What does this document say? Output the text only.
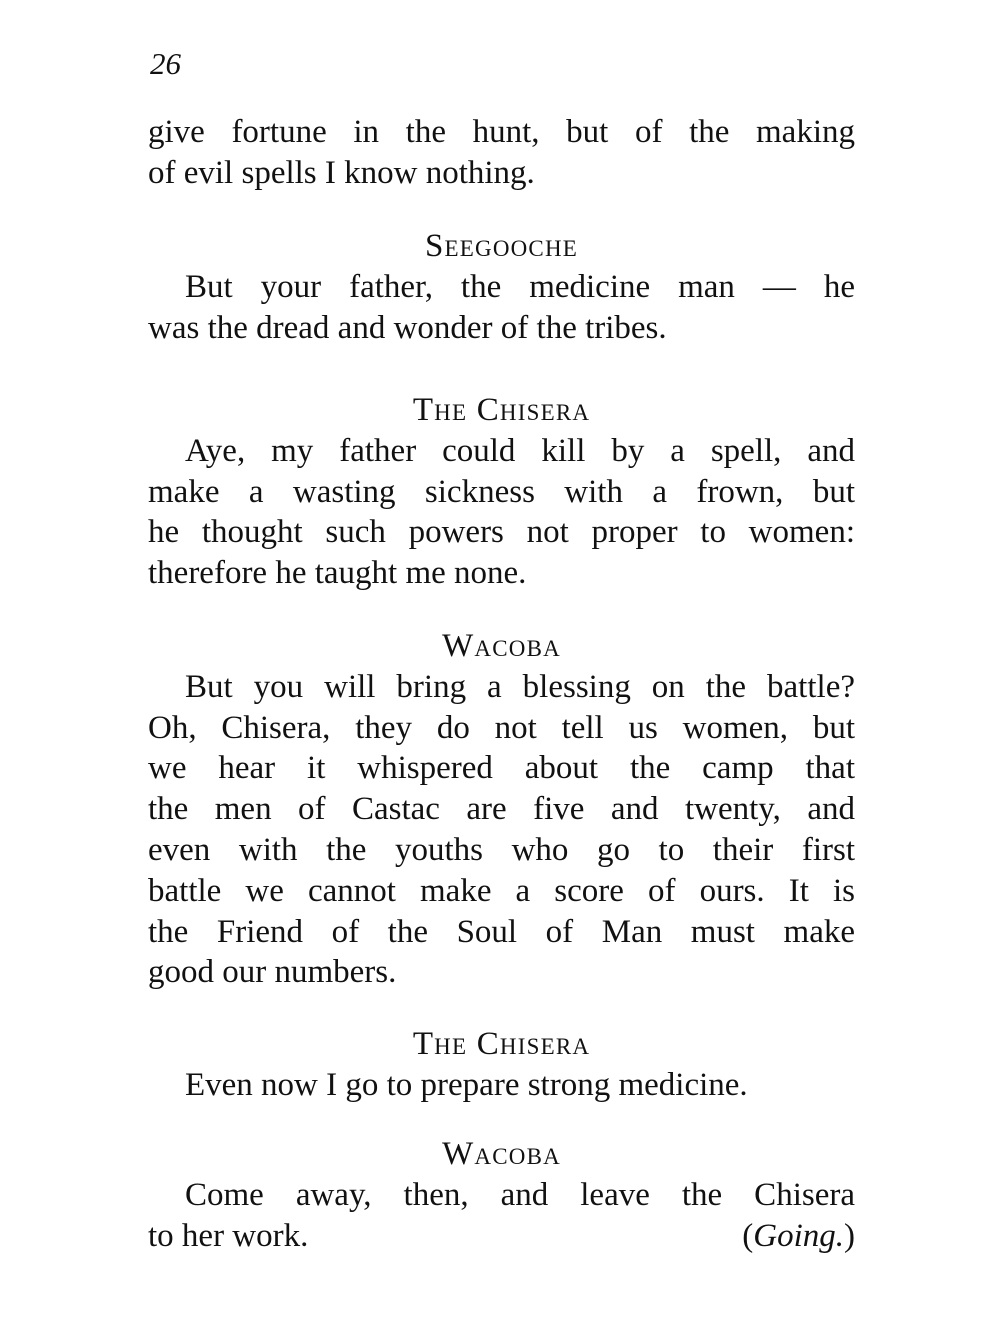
26
give fortune in the hunt, but of the making
of evil spells I know nothing.
Seegooche
But your father, the medicine man — he
was the dread and wonder of the tribes.
The Chisera
Aye, my father could kill by a spell, and
make a wasting sickness with a frown, but
he thought such powers not proper to women:
therefore he taught me none.
Wacoba
But you will bring a blessing on the battle?
Oh, Chisera, they do not tell us women, but
we hear it whispered about the camp that
the men of Castac are five and twenty, and
even with the youths who go to their first
battle we cannot make a score of ours. It is
the Friend of the Soul of Man must make
good our numbers.
The Chisera
Even now I go to prepare strong medicine.
Wacoba
Come away, then, and leave the Chisera
to her work.	(Going.)
